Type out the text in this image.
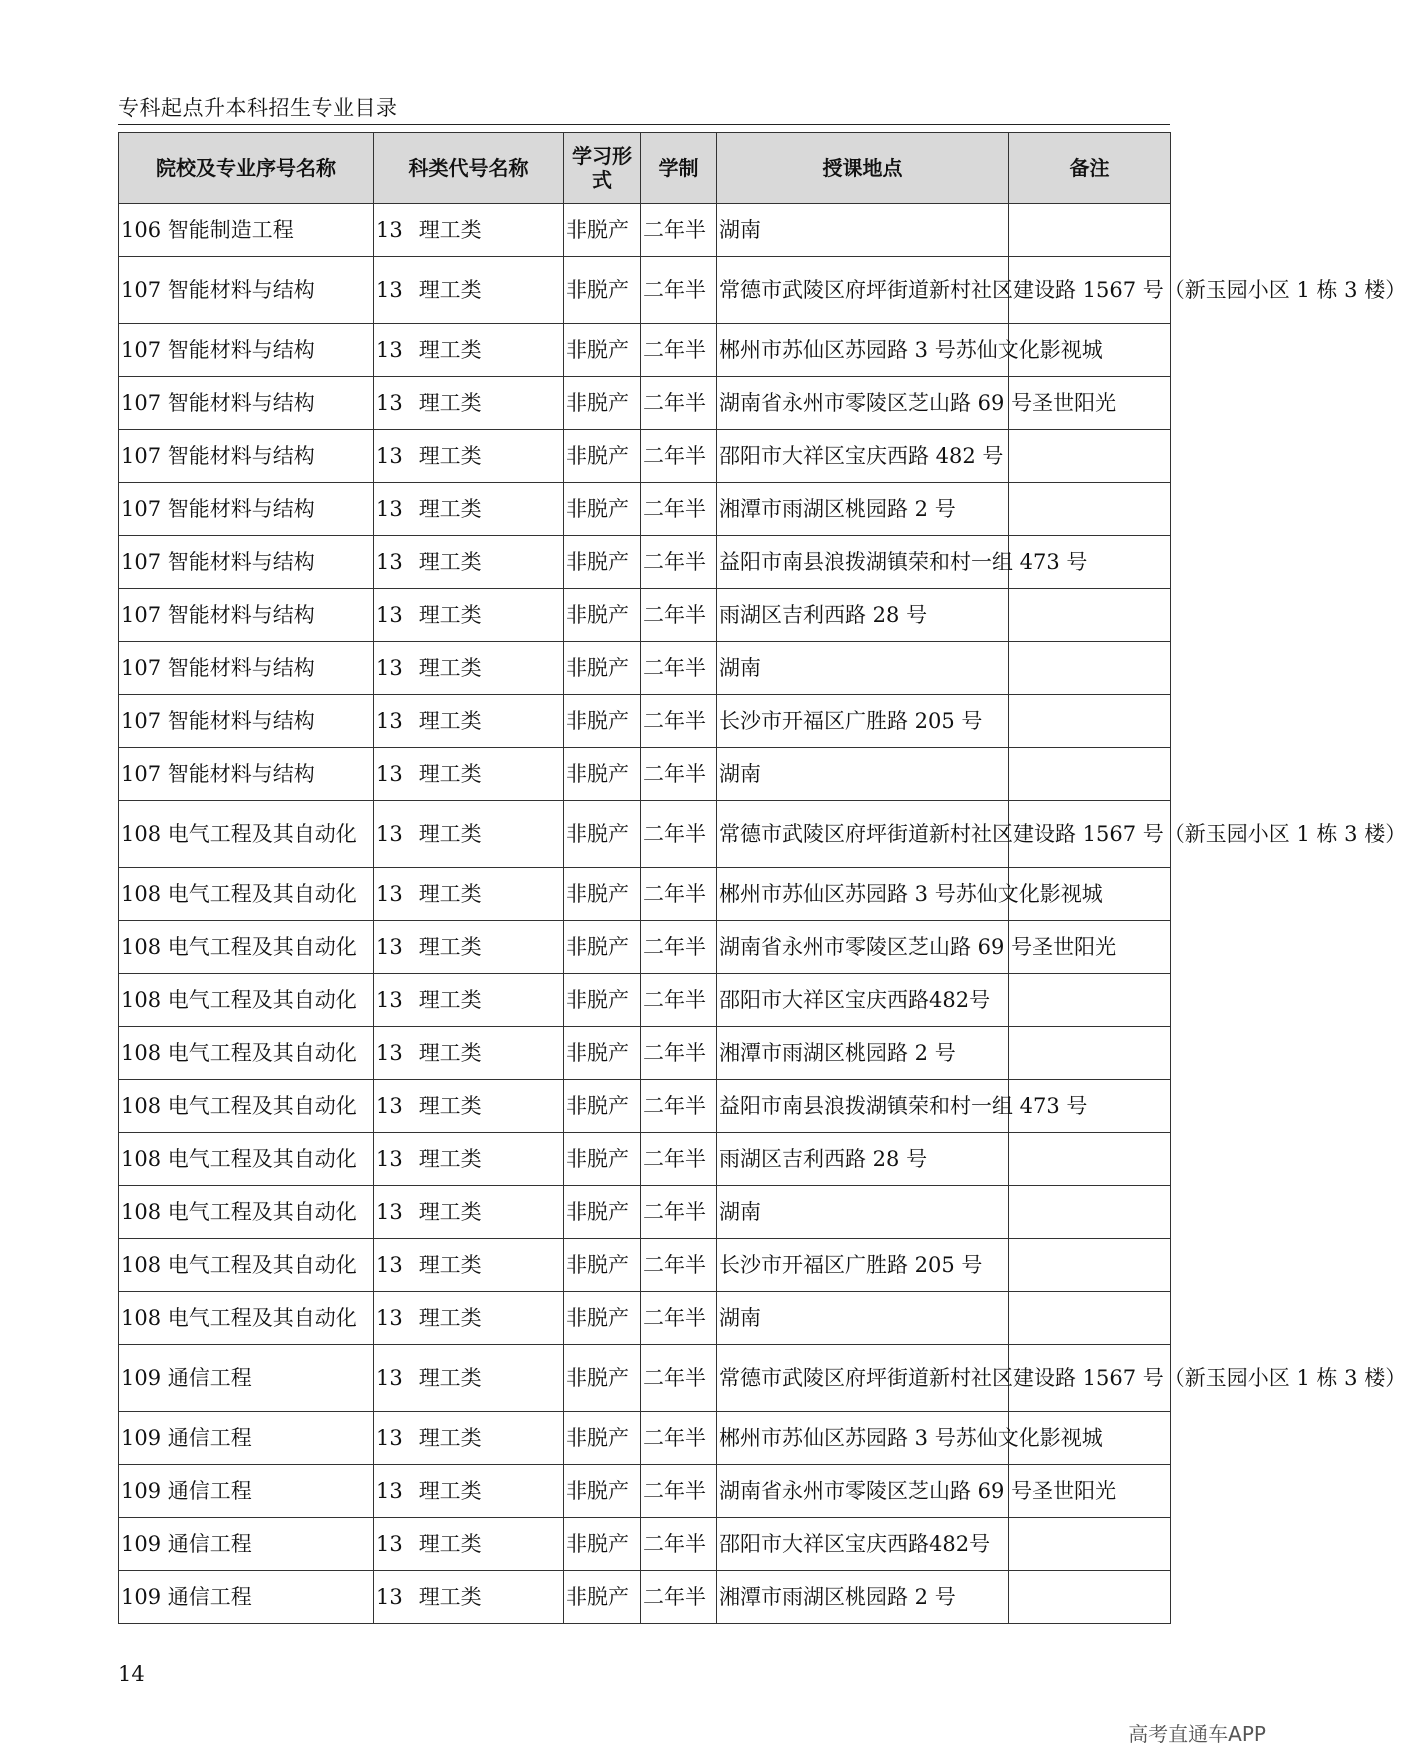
专科起点升本科招生专业目录
院校及专业序号名称	科类代号名称	学习形式	学制	授课地点	备注
106 智能制造工程	13 理工类	非脱产	二年半	湖南	
107 智能材料与结构	13 理工类	非脱产	二年半	常德市武陵区府坪街道新村社区建设路 1567 号（新玉园小区 1 栋 3 楼）	
107 智能材料与结构	13 理工类	非脱产	二年半	郴州市苏仙区苏园路 3 号苏仙文化影视城	
107 智能材料与结构	13 理工类	非脱产	二年半	湖南省永州市零陵区芝山路 69 号圣世阳光	
107 智能材料与结构	13 理工类	非脱产	二年半	邵阳市大祥区宝庆西路 482 号	
107 智能材料与结构	13 理工类	非脱产	二年半	湘潭市雨湖区桃园路 2 号	
107 智能材料与结构	13 理工类	非脱产	二年半	益阳市南县浪拨湖镇荣和村一组 473 号	
107 智能材料与结构	13 理工类	非脱产	二年半	雨湖区吉利西路 28 号	
107 智能材料与结构	13 理工类	非脱产	二年半	湖南	
107 智能材料与结构	13 理工类	非脱产	二年半	长沙市开福区广胜路 205 号	
107 智能材料与结构	13 理工类	非脱产	二年半	湖南	
108 电气工程及其自动化	13 理工类	非脱产	二年半	常德市武陵区府坪街道新村社区建设路 1567 号（新玉园小区 1 栋 3 楼）	
108 电气工程及其自动化	13 理工类	非脱产	二年半	郴州市苏仙区苏园路 3 号苏仙文化影视城	
108 电气工程及其自动化	13 理工类	非脱产	二年半	湖南省永州市零陵区芝山路 69 号圣世阳光	
108 电气工程及其自动化	13 理工类	非脱产	二年半	邵阳市大祥区宝庆西路482号	
108 电气工程及其自动化	13 理工类	非脱产	二年半	湘潭市雨湖区桃园路 2 号	
108 电气工程及其自动化	13 理工类	非脱产	二年半	益阳市南县浪拨湖镇荣和村一组 473 号	
108 电气工程及其自动化	13 理工类	非脱产	二年半	雨湖区吉利西路 28 号	
108 电气工程及其自动化	13 理工类	非脱产	二年半	湖南	
108 电气工程及其自动化	13 理工类	非脱产	二年半	长沙市开福区广胜路 205 号	
108 电气工程及其自动化	13 理工类	非脱产	二年半	湖南	
109 通信工程	13 理工类	非脱产	二年半	常德市武陵区府坪街道新村社区建设路 1567 号（新玉园小区 1 栋 3 楼）	
109 通信工程	13 理工类	非脱产	二年半	郴州市苏仙区苏园路 3 号苏仙文化影视城	
109 通信工程	13 理工类	非脱产	二年半	湖南省永州市零陵区芝山路 69 号圣世阳光	
109 通信工程	13 理工类	非脱产	二年半	邵阳市大祥区宝庆西路482号	
109 通信工程	13 理工类	非脱产	二年半	湘潭市雨湖区桃园路 2 号	
14
高考直通车APP
